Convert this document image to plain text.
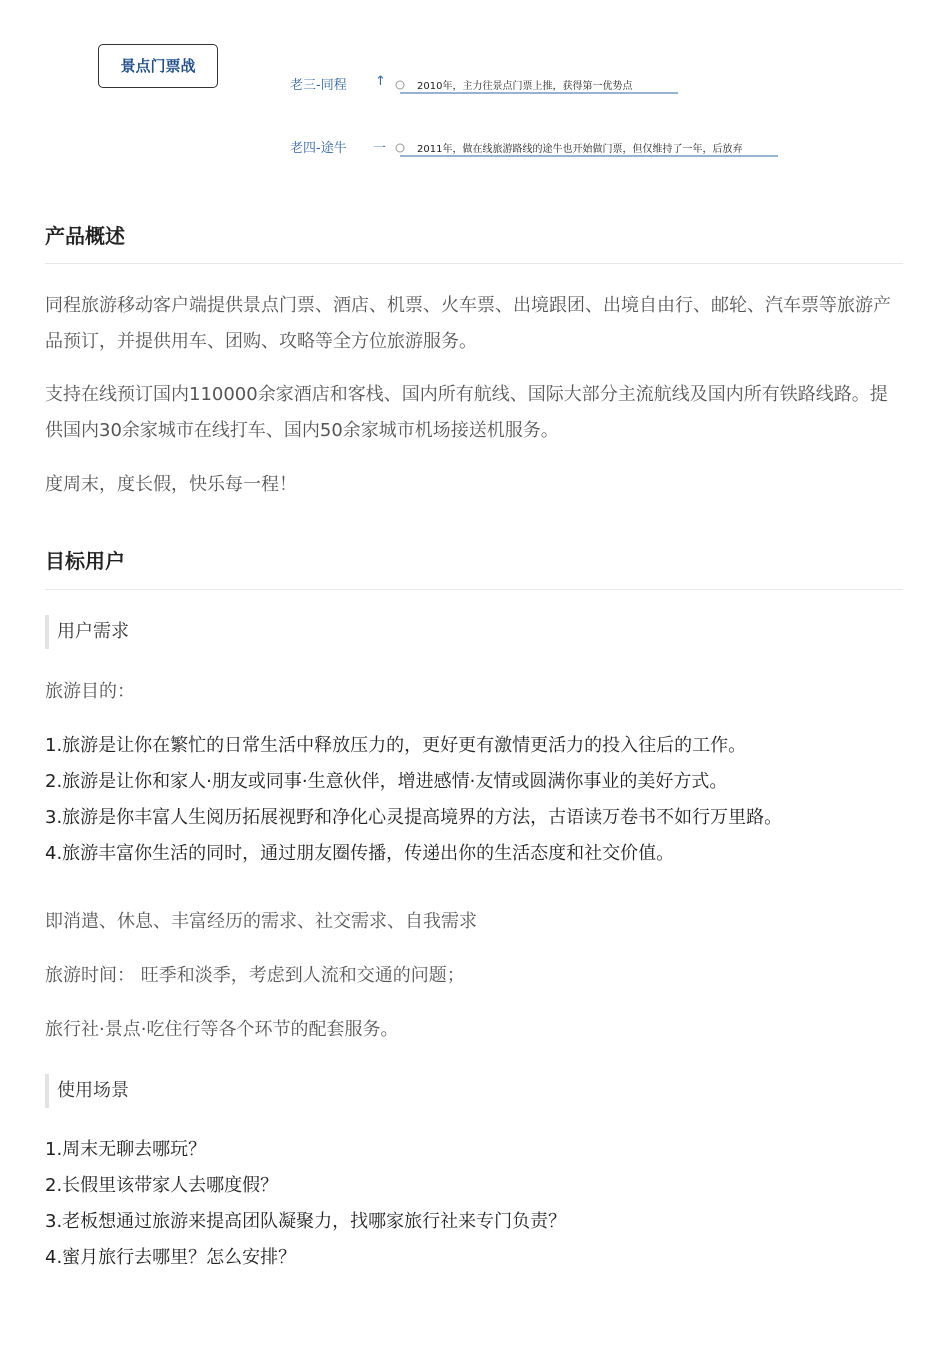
景点门票战
老三-同程 ↑	2010年，主力往景点门票上推，获得第一优势点
老四-途牛 一	2011年，做在线旅游路线的途牛也开始做门票，但仅维持了一年，后放弃
产品概述
同程旅游移动客户端提供景点门票、酒店、机票、火车票、出境跟团、出境自由行、邮轮、汽车票等旅游产品预订，并提供用车、团购、攻略等全方位旅游服务。
支持在线预订国内110000余家酒店和客栈、国内所有航线、国际大部分主流航线及国内所有铁路线路。提供国内30余家城市在线打车、国内50余家城市机场接送机服务。
度周末，度长假，快乐每一程！
目标用户
用户需求
旅游目的：
1.旅游是让你在繁忙的日常生活中释放压力的，更好更有激情更活力的投入往后的工作。
2.旅游是让你和家人·朋友或同事·生意伙伴，增进感情·友情或圆满你事业的美好方式。
3.旅游是你丰富人生阅历拓展视野和净化心灵提高境界的方法，古语读万卷书不如行万里路。
4.旅游丰富你生活的同时，通过朋友圈传播，传递出你的生活态度和社交价值。
即消遣、休息、丰富经历的需求、社交需求、自我需求
旅游时间： 旺季和淡季，考虑到人流和交通的问题；
旅行社·景点·吃住行等各个环节的配套服务。
使用场景
1.周末无聊去哪玩？
2.长假里该带家人去哪度假？
3.老板想通过旅游来提高团队凝聚力，找哪家旅行社来专门负责？
4.蜜月旅行去哪里？怎么安排？
